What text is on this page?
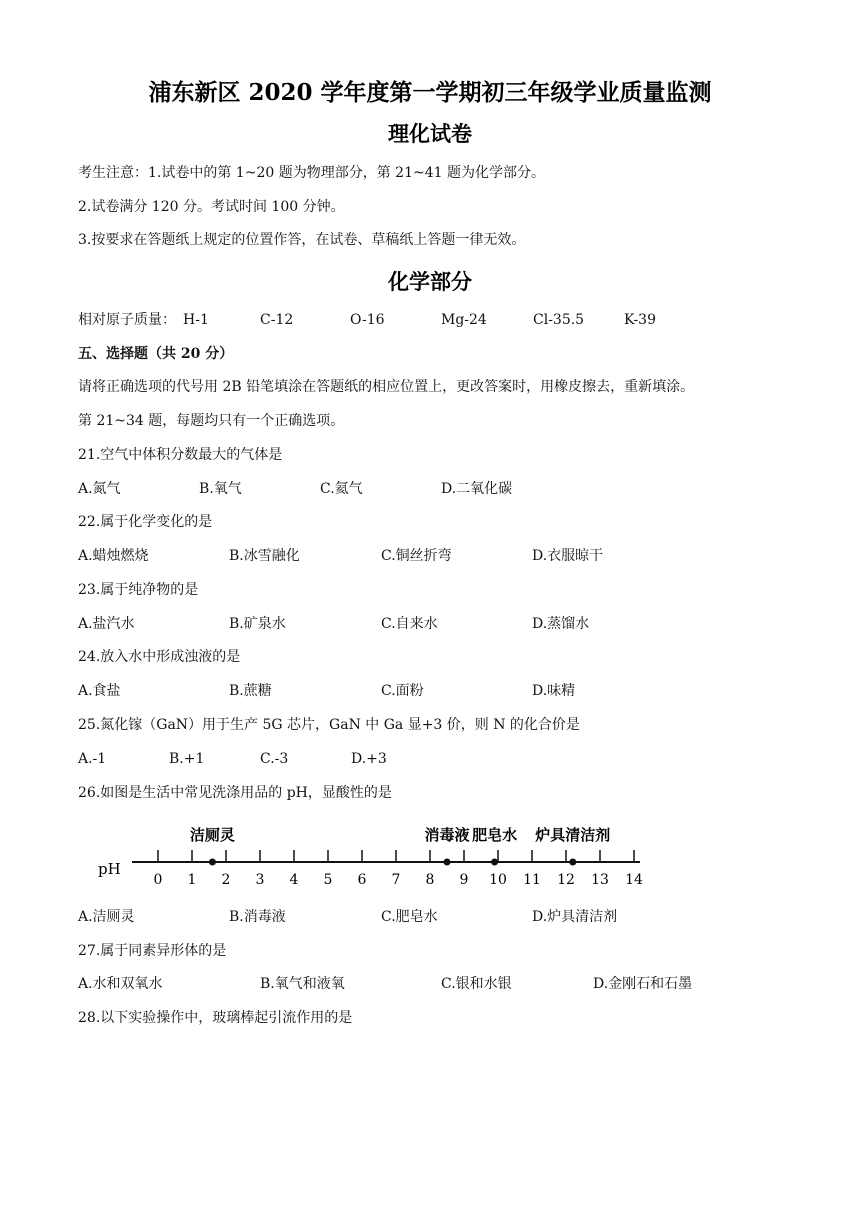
浦东新区 2020 学年度第一学期初三年级学业质量监测
理化试卷
考生注意：1.试卷中的第 1~20 题为物理部分，第 21~41 题为化学部分。
2.试卷满分 120 分。考试时间 100 分钟。
3.按要求在答题纸上规定的位置作答，在试卷、草稿纸上答题一律无效。
化学部分
相对原子质量： H-1	C-12	O-16	Mg-24	Cl-35.5	K-39
五、选择题（共 20 分）
请将正确选项的代号用 2B 铅笔填涂在答题纸的相应位置上，更改答案时，用橡皮擦去，重新填涂。
第 21~34 题，每题均只有一个正确选项。
21.空气中体积分数最大的气体是
A.氮气	B.氧气	C.氦气	D.二氧化碳
22.属于化学变化的是
A.蜡烛燃烧	B.冰雪融化	C.铜丝折弯	D.衣服晾干
23.属于纯净物的是
A.盐汽水	B.矿泉水	C.自来水	D.蒸馏水
24.放入水中形成浊液的是
A.食盐	B.蔗糖	C.面粉	D.味精
25.氮化镓（GaN）用于生产 5G 芯片，GaN 中 Ga 显+3 价，则 N 的化合价是
A.-1	B.+1	C.-3	D.+3
26.如图是生活中常见洗涤用品的 pH，显酸性的是
pH
0 1 2 3 4 5 6 7 8 9 10 11 12 13 14
洁厕灵	消毒液 肥皂水 炉具清洁剂
A.洁厕灵	B.消毒液	C.肥皂水	D.炉具清洁剂
27.属于同素异形体的是
A.水和双氧水	B.氧气和液氧	C.银和水银	D.金刚石和石墨
28.以下实验操作中，玻璃棒起引流作用的是
